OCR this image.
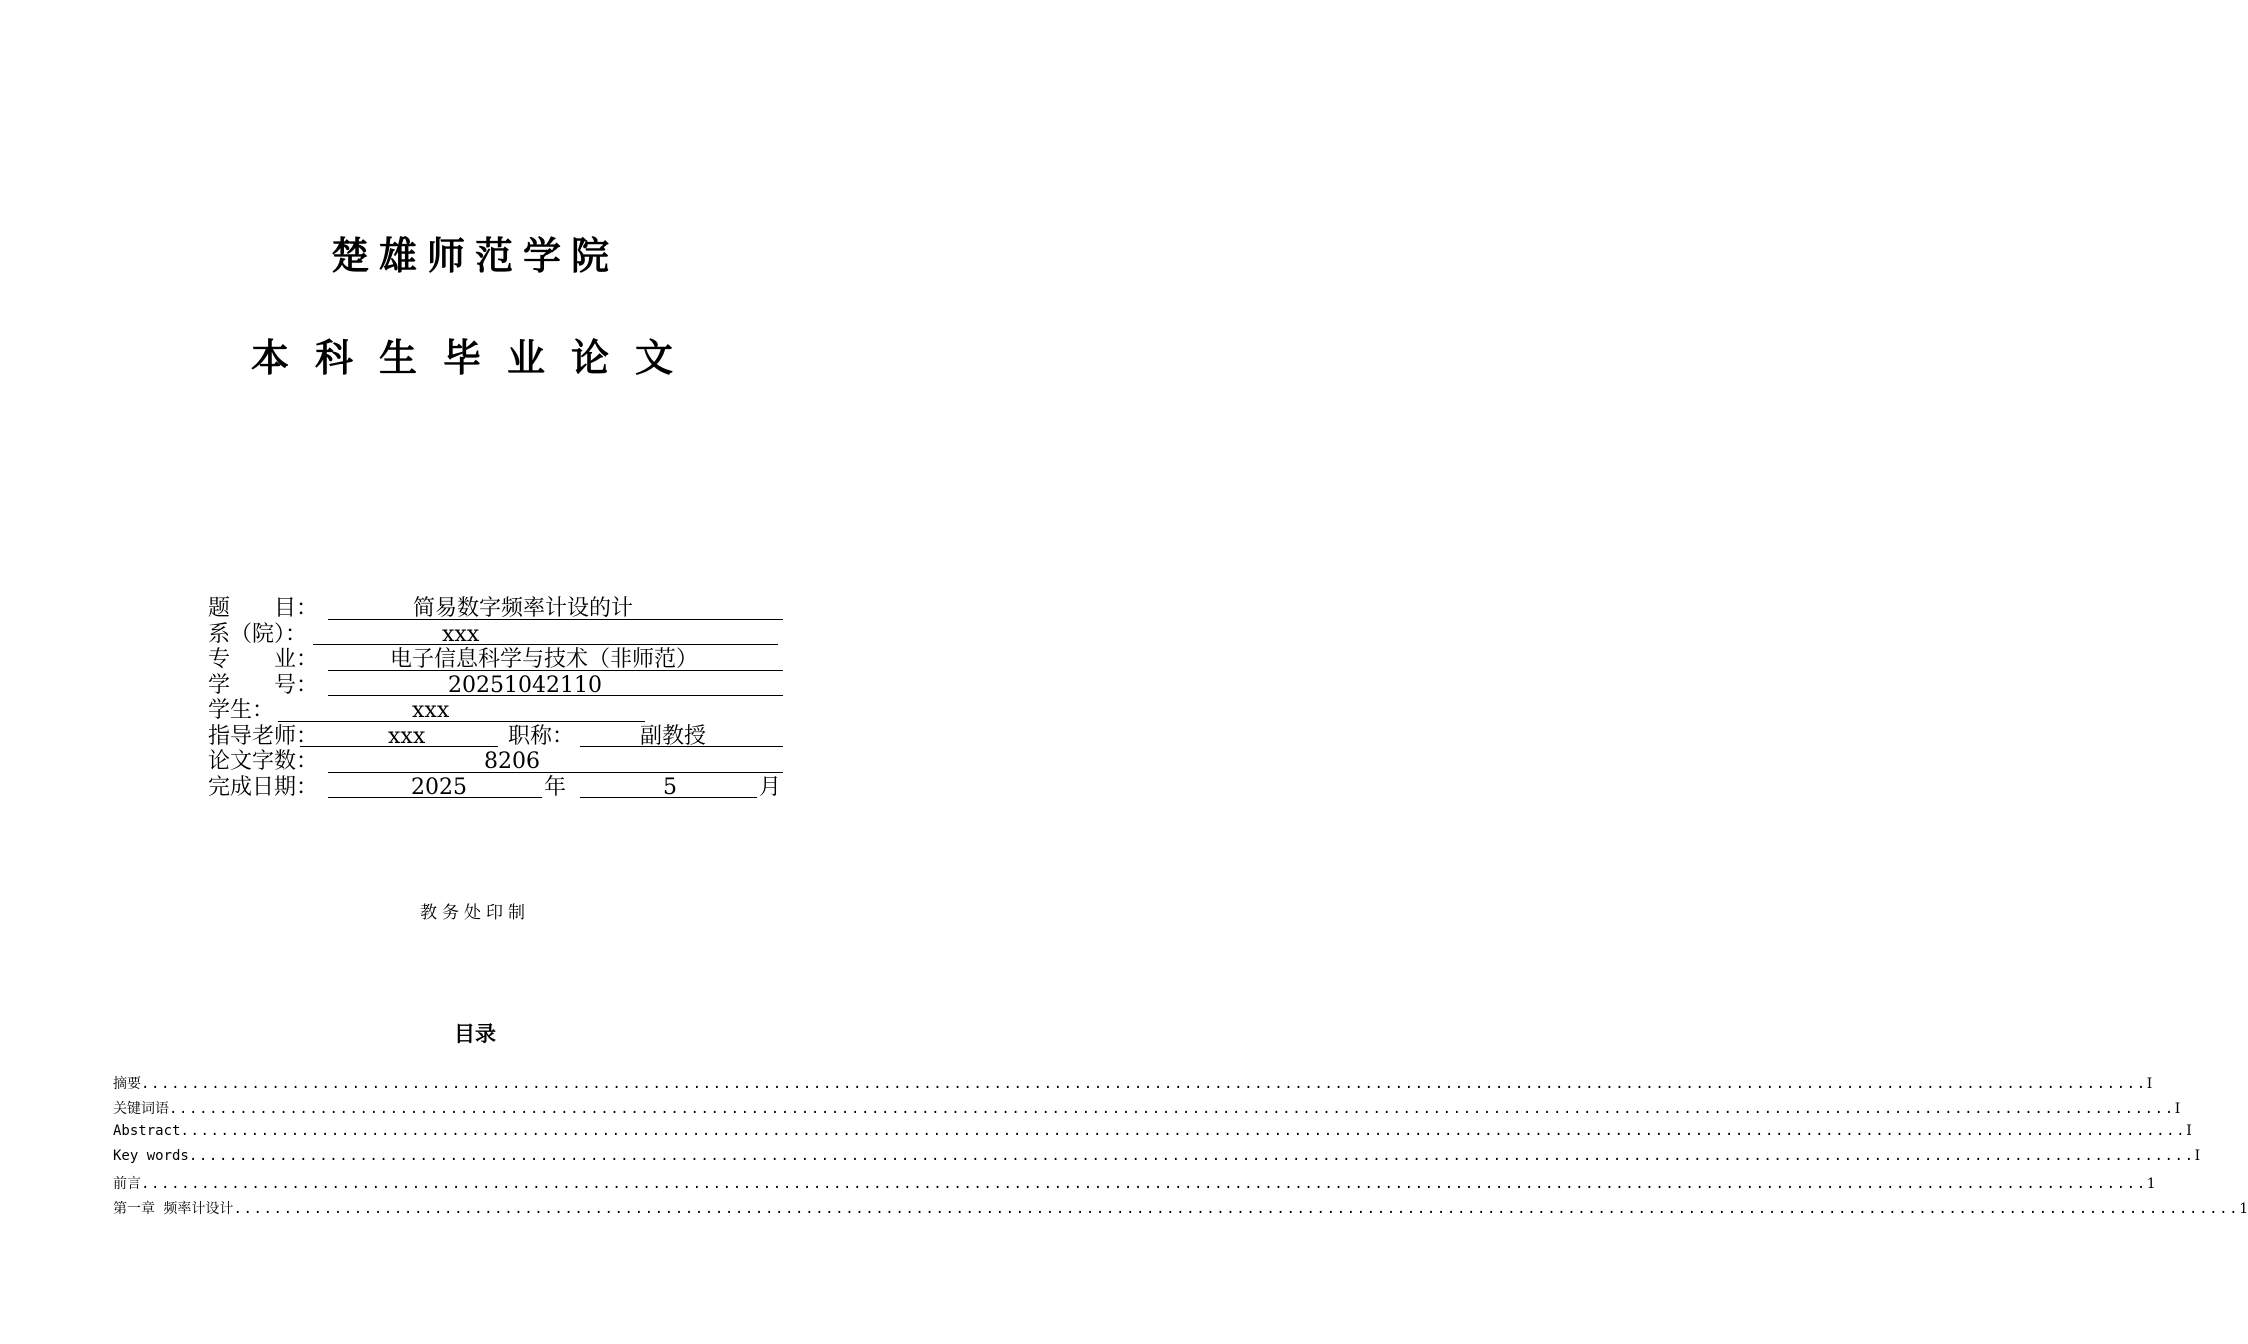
楚雄师范学院
本科生毕业论文
题　　目：	简易数字频率计设的计
系（院）：	xxx
专　　业：	电子信息科学与技术（非师范）
学　　号：	20251042110
学生：	xxx
指导老师：	xxx	职称：	副教授
论文字数：	8206
完成日期：	2025	年	5	月
教务处印制
目录
摘要 ........................................................................................................................................................................................................ I
关键词语 ........................................................................................................................................................................................................ I
Abstract ........................................................................................................................................................................................................ I
Key words ........................................................................................................................................................................................................ I
前言 ........................................................................................................................................................................................................ 1
第一章 频率计设计 ........................................................................................................................................................................................................ 1
